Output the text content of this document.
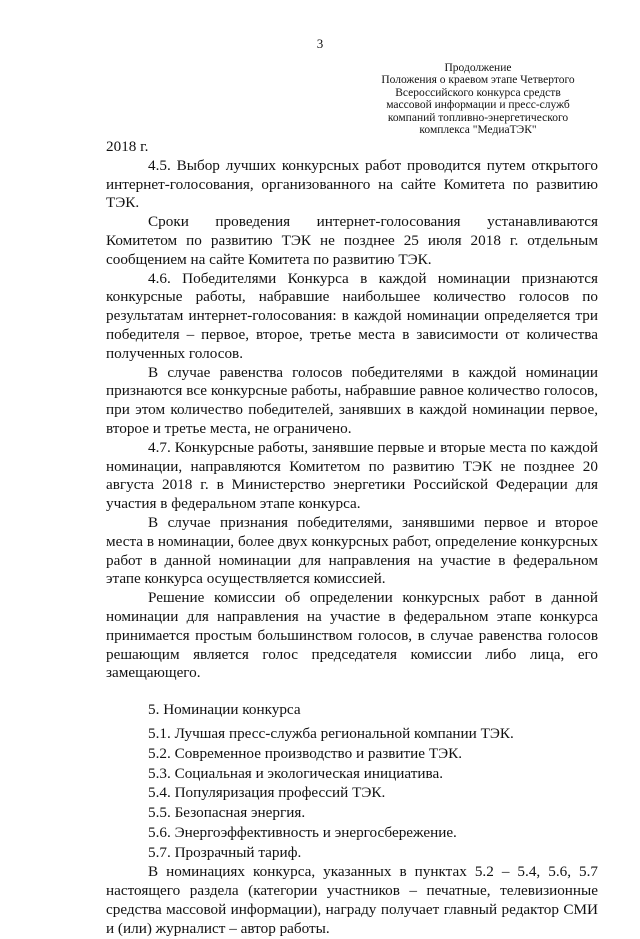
3
Продолжение
Положения о краевом этапе Четвертого
Всероссийского конкурса средств
массовой информации и пресс-служб
компаний топливно-энергетического
комплекса "МедиаТЭК"

2018 г.

4.5. Выбор лучших конкурсных работ проводится путем открытого интернет-голосования, организованного на сайте Комитета по развитию ТЭК.

Сроки проведения интернет-голосования устанавливаются Комитетом по развитию ТЭК не позднее 25 июля 2018 г. отдельным сообщением на сайте Комитета по развитию ТЭК.

4.6. Победителями Конкурса в каждой номинации признаются конкурсные работы, набравшие наибольшее количество голосов по результатам интернет-голосования: в каждой номинации определяется три победителя – первое, второе, третье места в зависимости от количества полученных голосов.

В случае равенства голосов победителями в каждой номинации признаются все конкурсные работы, набравшие равное количество голосов, при этом количество победителей, занявших в каждой номинации первое, второе и третье места, не ограничено.

4.7. Конкурсные работы, занявшие первые и вторые места по каждой номинации, направляются Комитетом по развитию ТЭК не позднее 20 августа 2018 г. в Министерство энергетики Российской Федерации для участия в федеральном этапе конкурса.

В случае признания победителями, занявшими первое и второе места в номинации, более двух конкурсных работ, определение конкурсных работ в данной номинации для направления на участие в федеральном этапе конкурса осуществляется комиссией.

Решение комиссии об определении конкурсных работ в данной номинации для направления на участие в федеральном этапе конкурса принимается простым большинством голосов, в случае равенства голосов решающим является голос председателя комиссии либо лица, его замещающего.

5. Номинации конкурса
5.1. Лучшая пресс-служба региональной компании ТЭК.
5.2. Современное производство и развитие ТЭК.
5.3. Социальная и экологическая инициатива.
5.4. Популяризация профессий ТЭК.
5.5. Безопасная энергия.
5.6. Энергоэффективность и энергосбережение.
5.7. Прозрачный тариф.

В номинациях конкурса, указанных в пунктах 5.2 – 5.4, 5.6, 5.7 настоящего раздела (категории участников – печатные, телевизионные средства массовой информации), награду получает главный редактор СМИ и (или) журналист – автор работы.
